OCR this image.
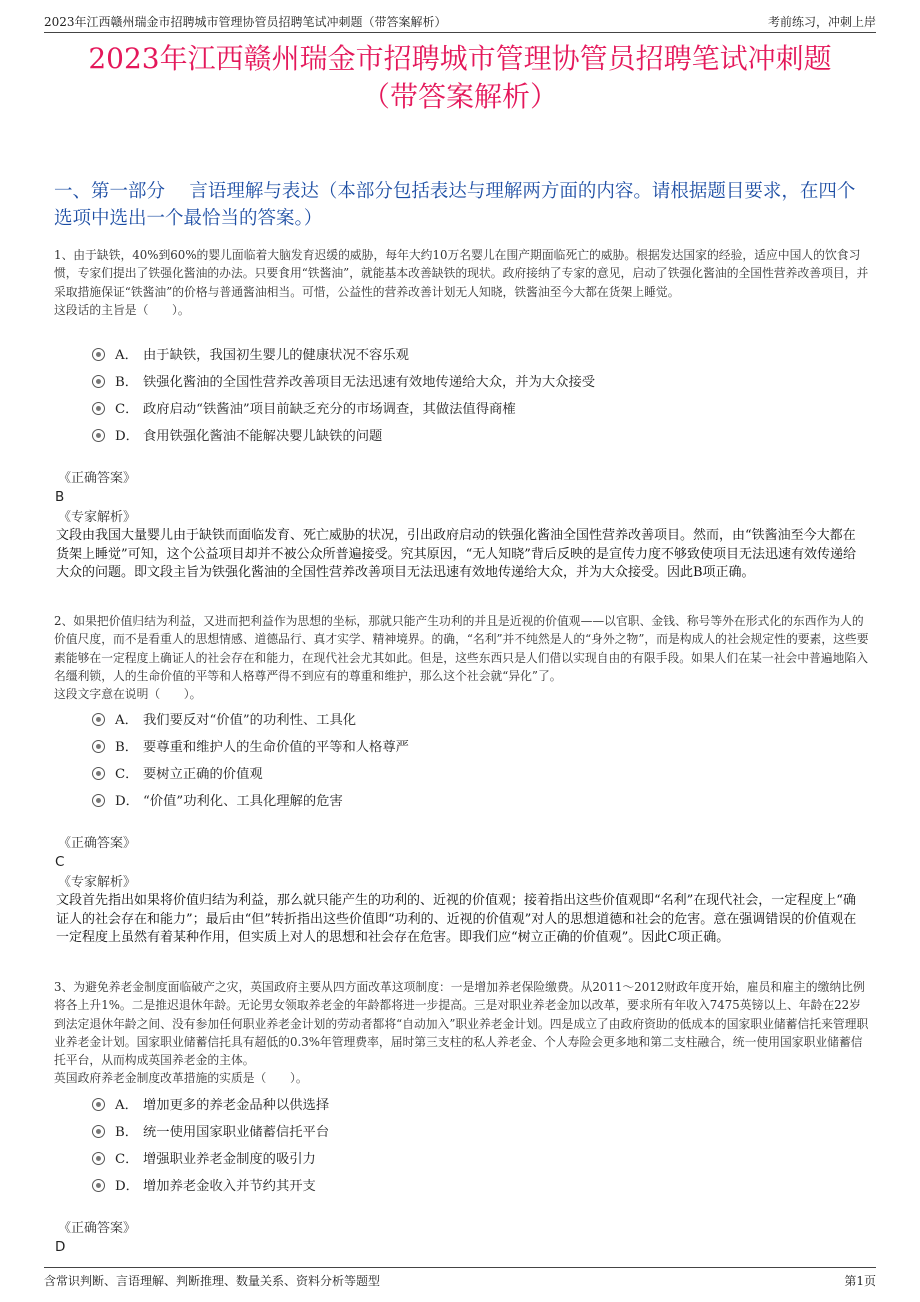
2023年江西赣州瑞金市招聘城市管理协管员招聘笔试冲刺题（带答案解析）	考前练习，冲刺上岸
2023年江西赣州瑞金市招聘城市管理协管员招聘笔试冲刺题
（带答案解析）
一、第一部分　 言语理解与表达（本部分包括表达与理解两方面的内容。请根据题目要求，在四个选项中选出一个最恰当的答案。）
1、由于缺铁，40%到60%的婴儿面临着大脑发育迟缓的威胁，每年大约10万名婴儿在围产期面临死亡的威胁。根据发达国家的经验，适应中国人的饮食习惯，专家们提出了铁强化酱油的办法。只要食用“铁酱油”，就能基本改善缺铁的现状。政府接纳了专家的意见，启动了铁强化酱油的全国性营养改善项目，并采取措施保证“铁酱油”的价格与普通酱油相当。可惜，公益性的营养改善计划无人知晓，铁酱油至今大都在货架上睡觉。
这段话的主旨是（　　）。
A． 由于缺铁，我国初生婴儿的健康状况不容乐观
B． 铁强化酱油的全国性营养改善项目无法迅速有效地传递给大众，并为大众接受
C． 政府启动“铁酱油”项目前缺乏充分的市场调查，其做法值得商榷
D． 食用铁强化酱油不能解决婴儿缺铁的问题
《正确答案》
B
《专家解析》
文段由我国大量婴儿由于缺铁而面临发育、死亡威胁的状况，引出政府启动的铁强化酱油全国性营养改善项目。然而，由“铁酱油至今大都在货架上睡觉”可知，这个公益项目却并不被公众所普遍接受。究其原因，“无人知晓”背后反映的是宣传力度不够致使项目无法迅速有效传递给大众的问题。即文段主旨为铁强化酱油的全国性营养改善项目无法迅速有效地传递给大众，并为大众接受。因此B项正确。
2、如果把价值归结为利益，又进而把利益作为思想的坐标，那就只能产生功利的并且是近视的价值观——以官职、金钱、称号等外在形式化的东西作为人的价值尺度，而不是看重人的思想情感、道德品行、真才实学、精神境界。的确，“名利”并不纯然是人的“身外之物”，而是构成人的社会规定性的要素，这些要素能够在一定程度上确证人的社会存在和能力，在现代社会尤其如此。但是，这些东西只是人们借以实现自由的有限手段。如果人们在某一社会中普遍地陷入名缰利锁，人的生命价值的平等和人格尊严得不到应有的尊重和维护，那么这个社会就“异化”了。
这段文字意在说明（　　）。
A． 我们要反对“价值”的功利性、工具化
B． 要尊重和维护人的生命价值的平等和人格尊严
C． 要树立正确的价值观
D． “价值”功利化、工具化理解的危害
《正确答案》
C
《专家解析》
文段首先指出如果将价值归结为利益，那么就只能产生的功利的、近视的价值观；接着指出这些价值观即“名利”在现代社会，一定程度上“确证人的社会存在和能力”；最后由“但”转折指出这些价值即“功利的、近视的价值观”对人的思想道德和社会的危害。意在强调错误的价值观在一定程度上虽然有着某种作用，但实质上对人的思想和社会存在危害。即我们应“树立正确的价值观”。因此C项正确。
3、为避免养老金制度面临破产之灾，英国政府主要从四方面改革这项制度：一是增加养老保险缴费。从2011～2012财政年度开始，雇员和雇主的缴纳比例将各上升1%。二是推迟退休年龄。无论男女领取养老金的年龄都将进一步提高。三是对职业养老金加以改革，要求所有年收入7475英镑以上、年龄在22岁到法定退休年龄之间、没有参加任何职业养老金计划的劳动者都将“自动加入”职业养老金计划。四是成立了由政府资助的低成本的国家职业储蓄信托来管理职业养老金计划。国家职业储蓄信托具有超低的0.3%年管理费率，届时第三支柱的私人养老金、个人寿险会更多地和第二支柱融合，统一使用国家职业储蓄信托平台，从而构成英国养老金的主体。
英国政府养老金制度改革措施的实质是（　　）。
A． 增加更多的养老金品种以供选择
B． 统一使用国家职业储蓄信托平台
C． 增强职业养老金制度的吸引力
D． 增加养老金收入并节约其开支
《正确答案》
D
含常识判断、言语理解、判断推理、数量关系、资料分析等题型	第1页
